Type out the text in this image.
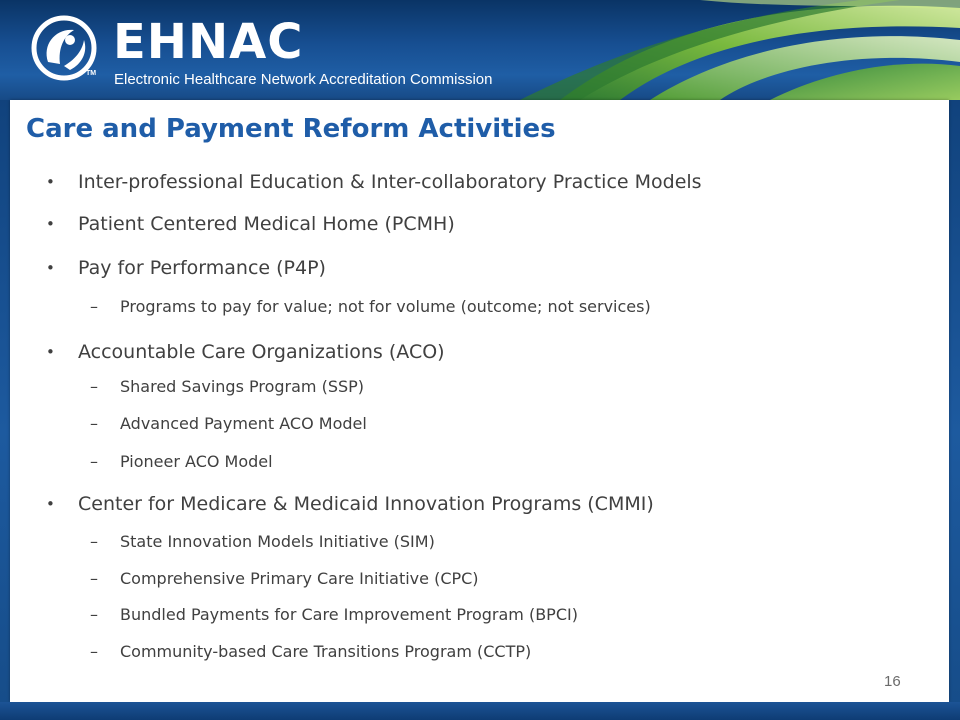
TM
EHNAC
Electronic Healthcare Network Accreditation Commission
Care and Payment Reform Activities
• Inter-professional Education & Inter-collaboratory Practice Models
• Patient Centered Medical Home (PCMH)
• Pay for Performance (P4P)
– Programs to pay for value; not for volume (outcome; not services)
• Accountable Care Organizations (ACO)
– Shared Savings Program (SSP)
– Advanced Payment ACO Model
– Pioneer ACO Model
• Center for Medicare & Medicaid Innovation Programs (CMMI)
– State Innovation Models Initiative (SIM)
– Comprehensive Primary Care Initiative (CPC)
– Bundled Payments for Care Improvement Program (BPCI)
– Community-based Care Transitions Program (CCTP)
16
